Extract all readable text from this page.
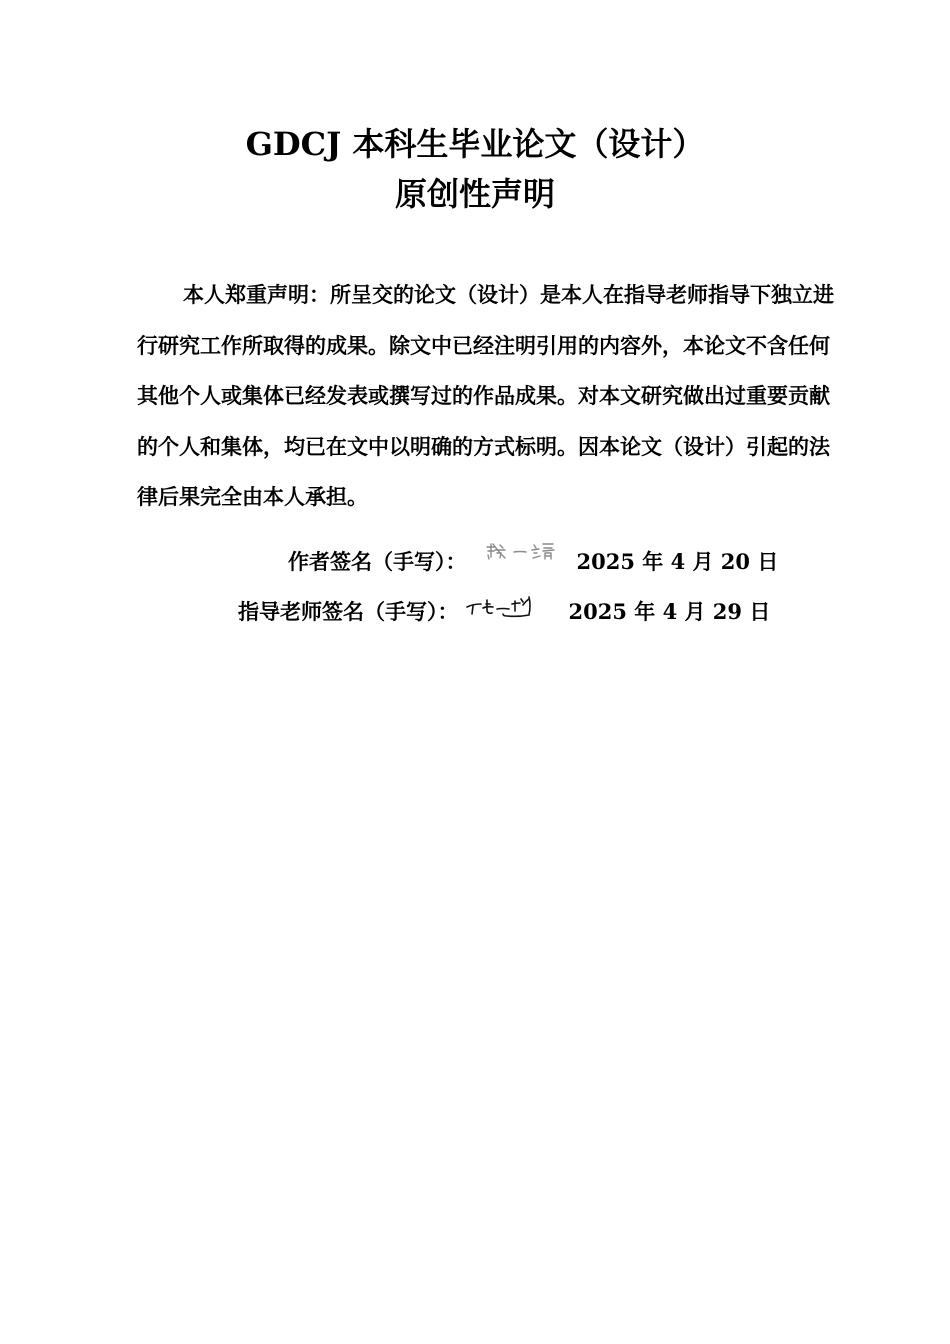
GDCJ 本科生毕业论文（设计）
原创性声明

本人郑重声明：所呈交的论文（设计）是本人在指导老师指导下独立进行研究工作所取得的成果。除文中已经注明引用的内容外，本论文不含任何其他个人或集体已经发表或撰写过的作品成果。对本文研究做出过重要贡献的个人和集体，均已在文中以明确的方式标明。因本论文（设计）引起的法律后果完全由本人承担。

作者签名（手写）：	2025 年 4 月 20 日
指导老师签名（手写）：	2025 年 4 月 29 日
